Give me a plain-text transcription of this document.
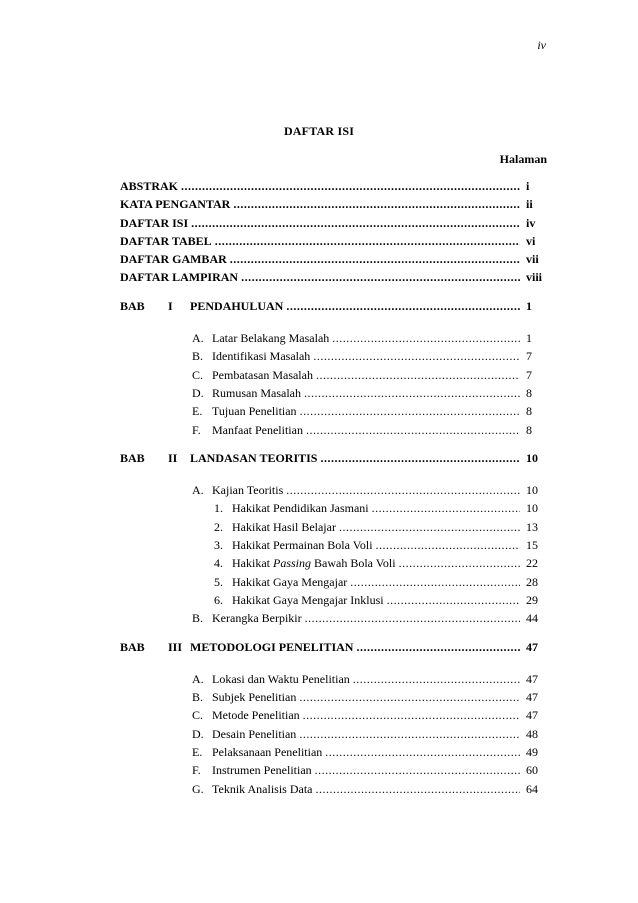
iv
DAFTAR ISI
Halaman
ABSTRAK .....	i
KATA PENGANTAR .....	ii
DAFTAR ISI .....	iv
DAFTAR TABEL .....	vi
DAFTAR GAMBAR .....	vii
DAFTAR LAMPIRAN .....	viii
BAB I PENDAHULUAN .....	1
A. Latar Belakang Masalah .....	1
B. Identifikasi Masalah .....	7
C. Pembatasan Masalah .....	7
D. Rumusan Masalah .....	8
E. Tujuan Penelitian .....	8
F. Manfaat Penelitian .....	8
BAB II LANDASAN TEORITIS .....	10
A. Kajian Teoritis .....	10
1. Hakikat Pendidikan Jasmani .....	10
2. Hakikat Hasil Belajar .....	13
3. Hakikat Permainan Bola Voli .....	15
4. Hakikat Passing Bawah Bola Voli .....	22
5. Hakikat Gaya Mengajar .....	28
6. Hakikat Gaya Mengajar Inklusi .....	29
B. Kerangka Berpikir .....	44
BAB III METODOLOGI PENELITIAN .....	47
A. Lokasi dan Waktu Penelitian .....	47
B. Subjek Penelitian .....	47
C. Metode Penelitian .....	47
D. Desain Penelitian .....	48
E. Pelaksanaan Penelitian .....	49
F. Instrumen Penelitian .....	60
G. Teknik Analisis Data .....	64
